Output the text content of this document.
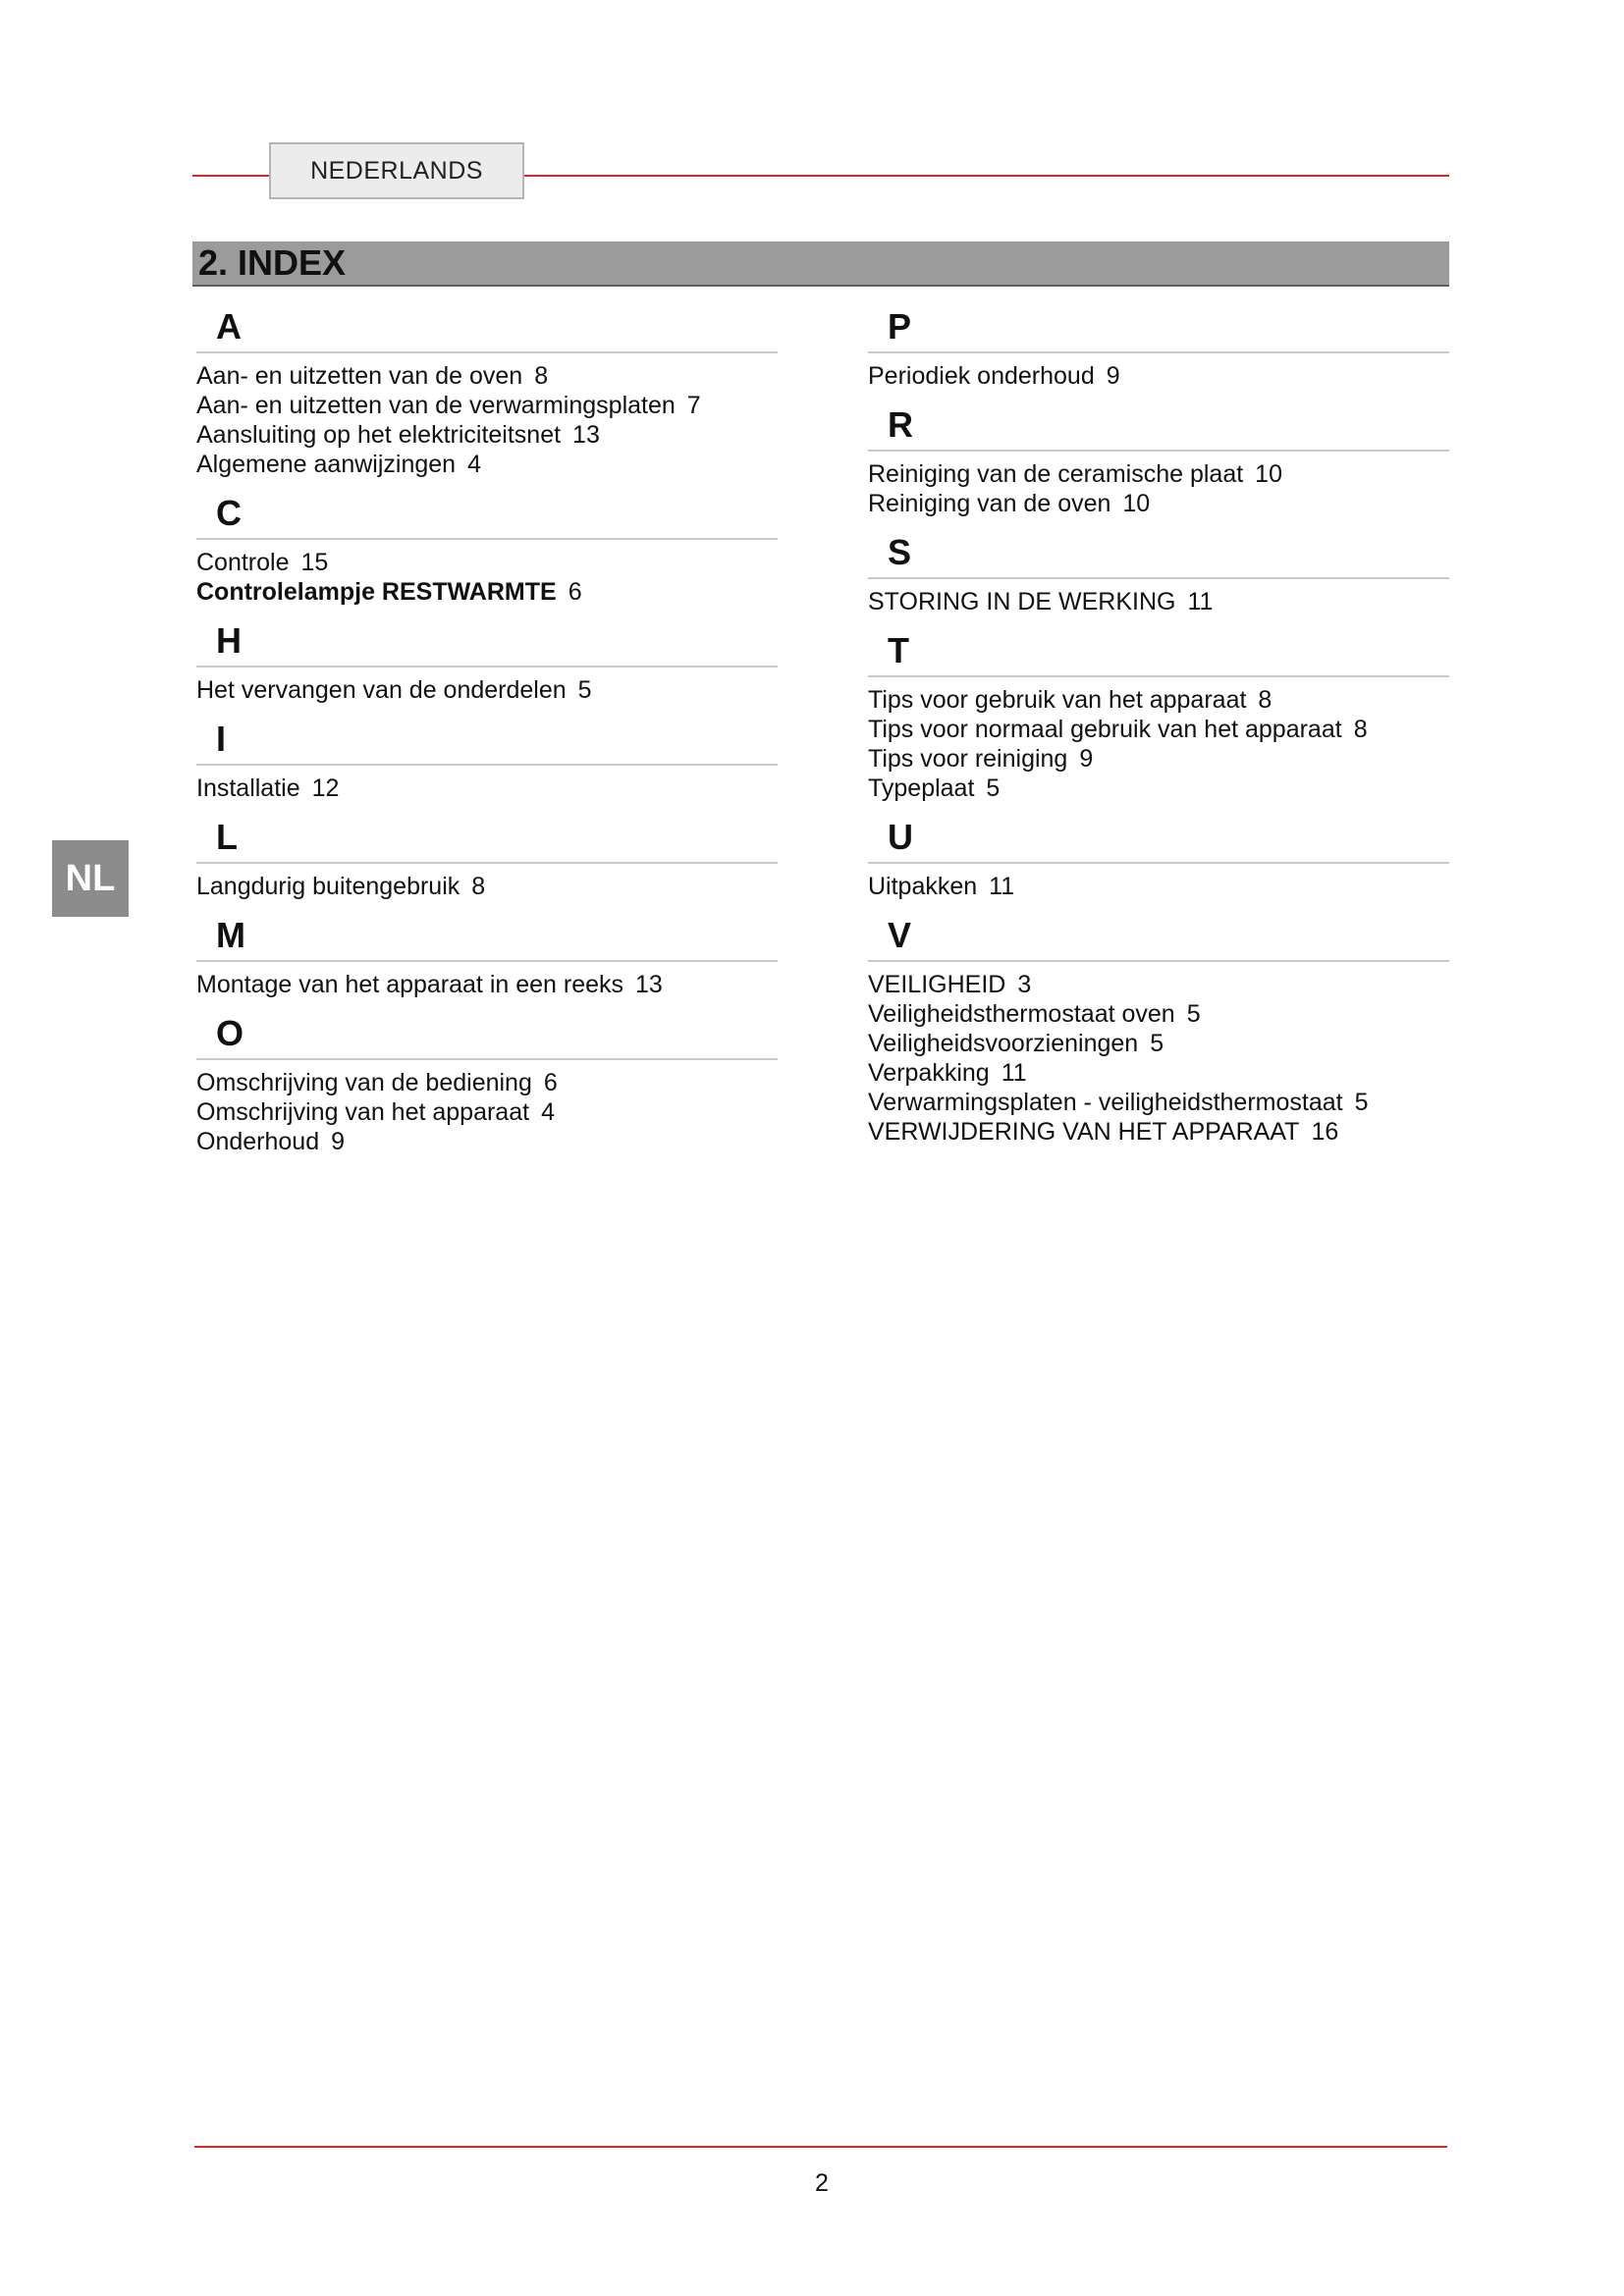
NEDERLANDS
2. INDEX
NL
A
Aan- en uitzetten van de oven 8
Aan- en uitzetten van de verwarmingsplaten 7
Aansluiting op het elektriciteitsnet 13
Algemene aanwijzingen 4
C
Controle 15
Controlelampje RESTWARMTE 6
H
Het vervangen van de onderdelen 5
I
Installatie 12
L
Langdurig buitengebruik 8
M
Montage van het apparaat in een reeks 13
O
Omschrijving van de bediening 6
Omschrijving van het apparaat 4
Onderhoud 9
P
Periodiek onderhoud 9
R
Reiniging van de ceramische plaat 10
Reiniging van de oven 10
S
STORING IN DE WERKING 11
T
Tips voor gebruik van het apparaat 8
Tips voor normaal gebruik van het apparaat 8
Tips voor reiniging 9
Typeplaat 5
U
Uitpakken 11
V
VEILIGHEID 3
Veiligheidsthermostaat oven 5
Veiligheidsvoorzieningen 5
Verpakking 11
Verwarmingsplaten - veiligheidsthermostaat 5
VERWIJDERING VAN HET APPARAAT 16
2
